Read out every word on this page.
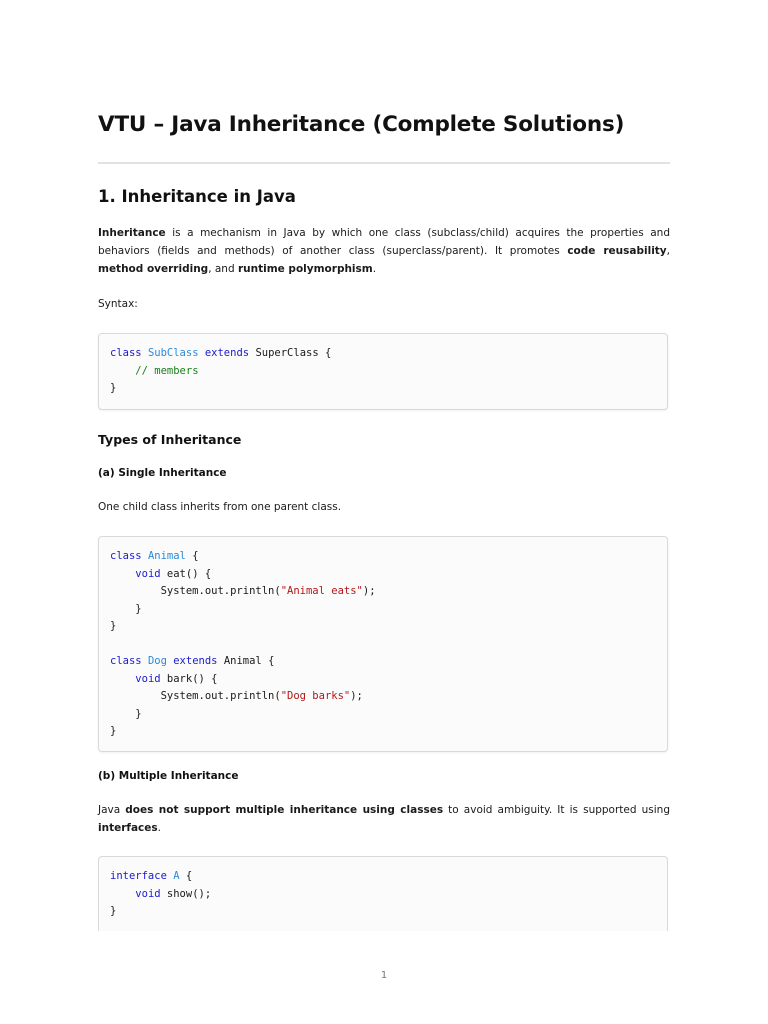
VTU – Java Inheritance (Complete Solutions)
1. Inheritance in Java

Inheritance is a mechanism in Java by which one class (subclass/child) acquires the properties and behaviors (fields and methods) of another class (superclass/parent). It promotes code reusability, method overriding, and runtime polymorphism.

Syntax:

class SubClass extends SuperClass {
// members
}
Types of Inheritance
(a) Single Inheritance

One child class inherits from one parent class.

class Animal {
void eat() {
System.out.println("Animal eats");
}
}

class Dog extends Animal {
void bark() {
System.out.println("Dog barks");
}
}
(b) Multiple Inheritance

Java does not support multiple inheritance using classes to avoid ambiguity. It is supported using interfaces.

interface A {
void show();
}
1
